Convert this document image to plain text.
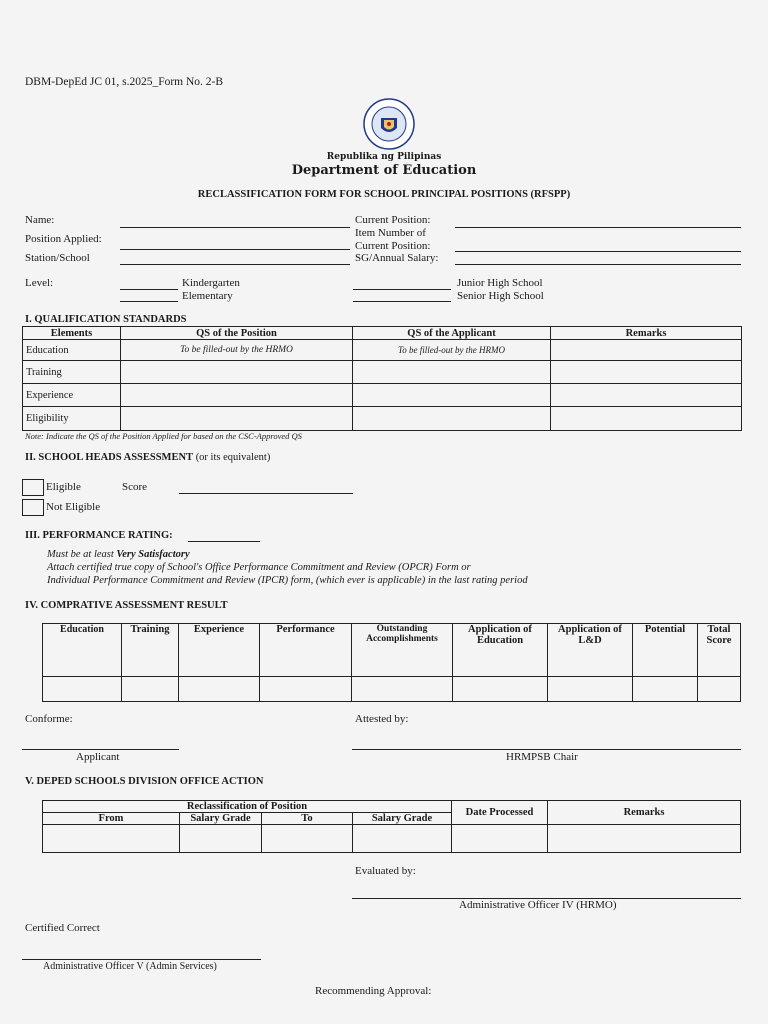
DBM-DepEd JC 01, s.2025_Form No. 2-B
Republika ng Pilipinas
Department of Education
RECLASSIFICATION FORM FOR SCHOOL PRINCIPAL POSITIONS (RFSPP)
Name:
Position Applied:
Station/School
Current Position:
Item Number of
Current Position:
SG/Annual Salary:
Level:	Kindergarten
Elementary
Junior High School
Senior High School
I. QUALIFICATION STANDARDS
Elements	QS of the Position	QS of the Applicant	Remarks
Education	To be filled-out by the HRMO	To be filled-out by the HRMO	
Training			
Experience			
Eligibility			
Note: Indicate the QS of the Position Applied for based on the CSC-Approved QS
II. SCHOOL HEADS ASSESSMENT (or its equivalent)
Eligible	Score
Not Eligible
III. PERFORMANCE RATING:
Must be at least Very Satisfactory
Attach certified true copy of School's Office Performance Commitment and Review (OPCR) Form or
Individual Performance Commitment and Review (IPCR) form, (which ever is applicable) in the last rating period
IV. COMPRATIVE ASSESSMENT RESULT
Education	Training	Experience	Performance	Outstanding Accomplishments	Application of Education	Application of L&D	Potential	Total Score

Conforme:	Attested by:
Applicant	HRMPSB Chair
V. DEPED SCHOOLS DIVISION OFFICE ACTION
Reclassification of Position				Date Processed	Remarks
From	Salary Grade	To	Salary Grade		

Evaluated by:
Administrative Officer IV (HRMO)
Certified Correct
Administrative Officer V (Admin Services)
Recommending Approval:
